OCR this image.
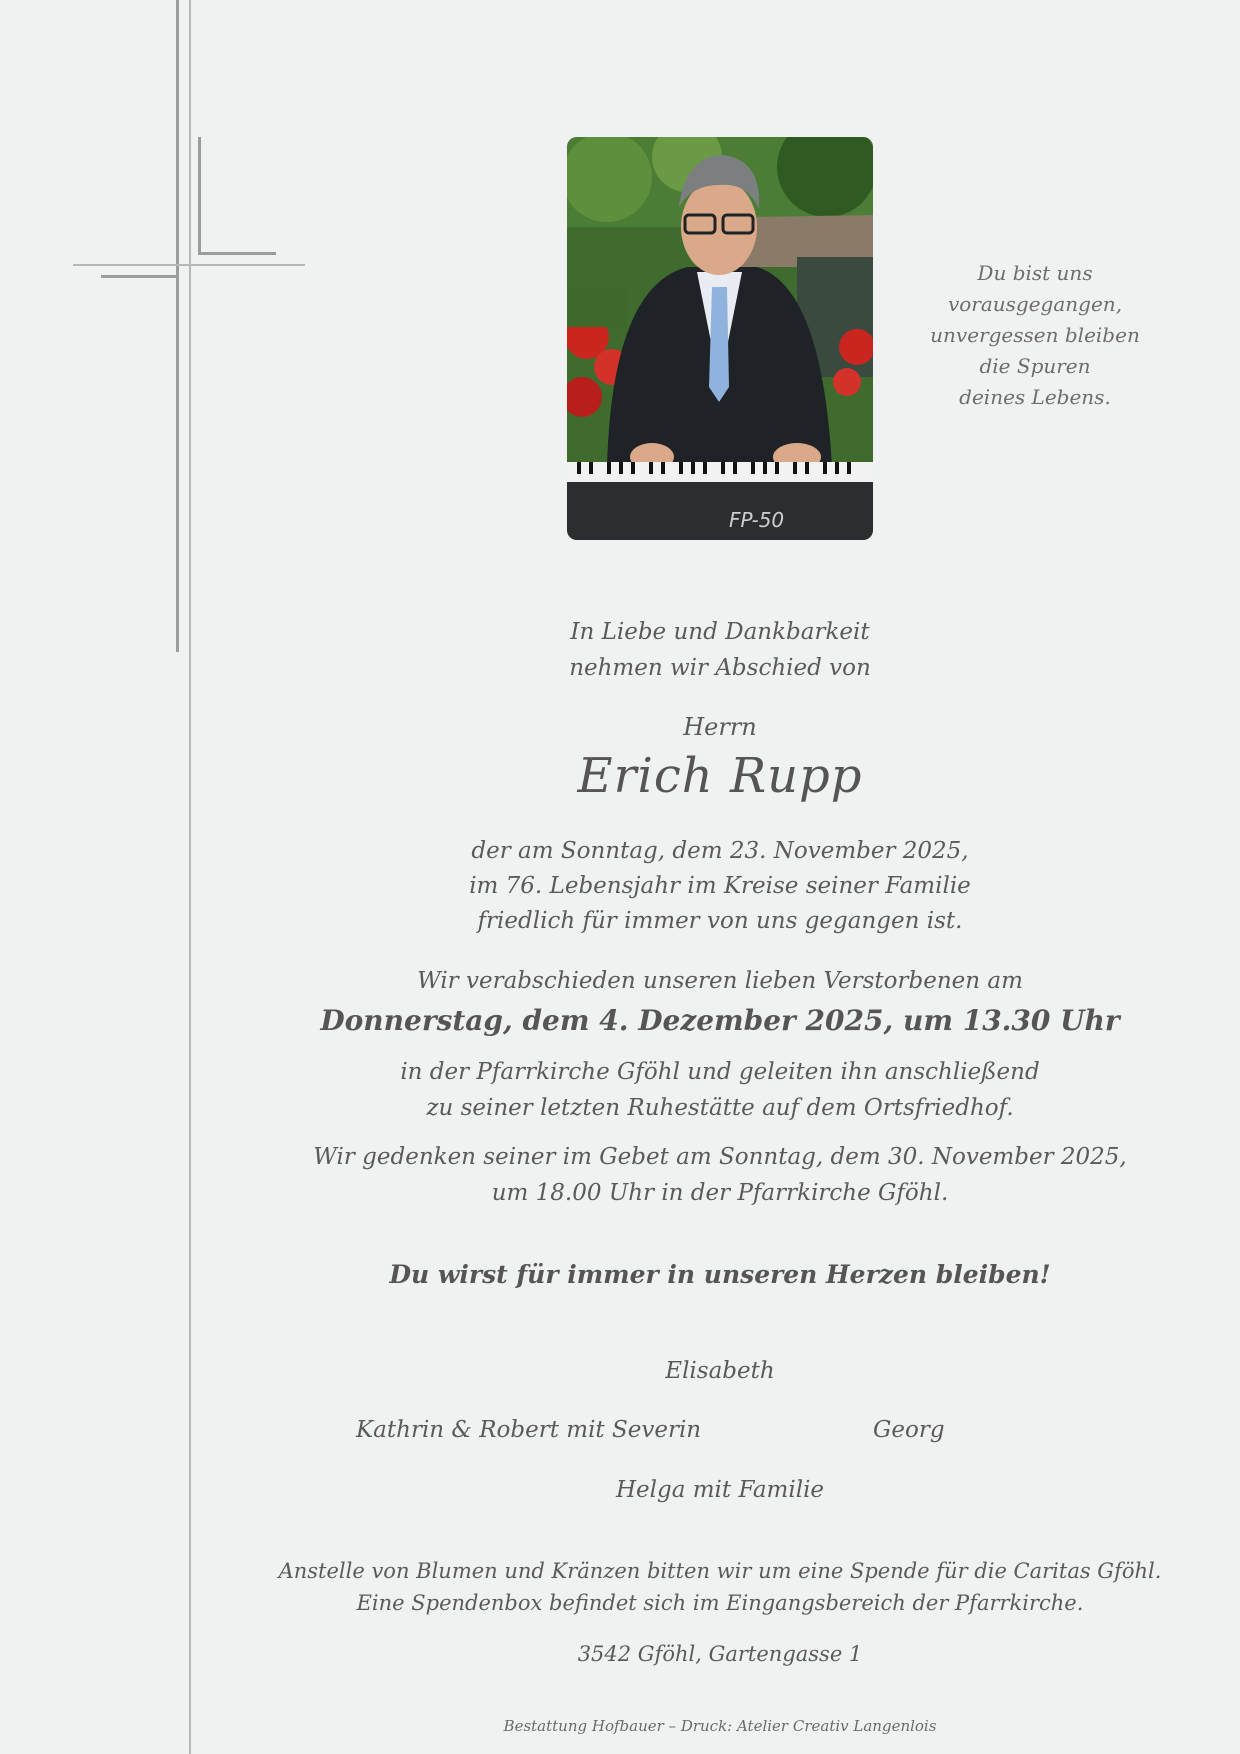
FP-50
Du bist uns
vorausgegangen,
unvergessen bleiben
die Spuren
deines Lebens.
In Liebe und Dankbarkeit
nehmen wir Abschied von
Herrn
Erich Rupp
der am Sonntag, dem 23. November 2025,
im 76. Lebensjahr im Kreise seiner Familie
friedlich für immer von uns gegangen ist.
Wir verabschieden unseren lieben Verstorbenen am
Donnerstag, dem 4. Dezember 2025, um 13.30 Uhr
in der Pfarrkirche Gföhl und geleiten ihn anschließend
zu seiner letzten Ruhestätte auf dem Ortsfriedhof.
Wir gedenken seiner im Gebet am Sonntag, dem 30. November 2025,
um 18.00 Uhr in der Pfarrkirche Gföhl.
Du wirst für immer in unseren Herzen bleiben!
Elisabeth
Kathrin & Robert mit Severin	Georg
Helga mit Familie
Anstelle von Blumen und Kränzen bitten wir um eine Spende für die Caritas Gföhl.
Eine Spendenbox befindet sich im Eingangsbereich der Pfarrkirche.
3542 Gföhl, Gartengasse 1
Bestattung Hofbauer – Druck: Atelier Creativ Langenlois
